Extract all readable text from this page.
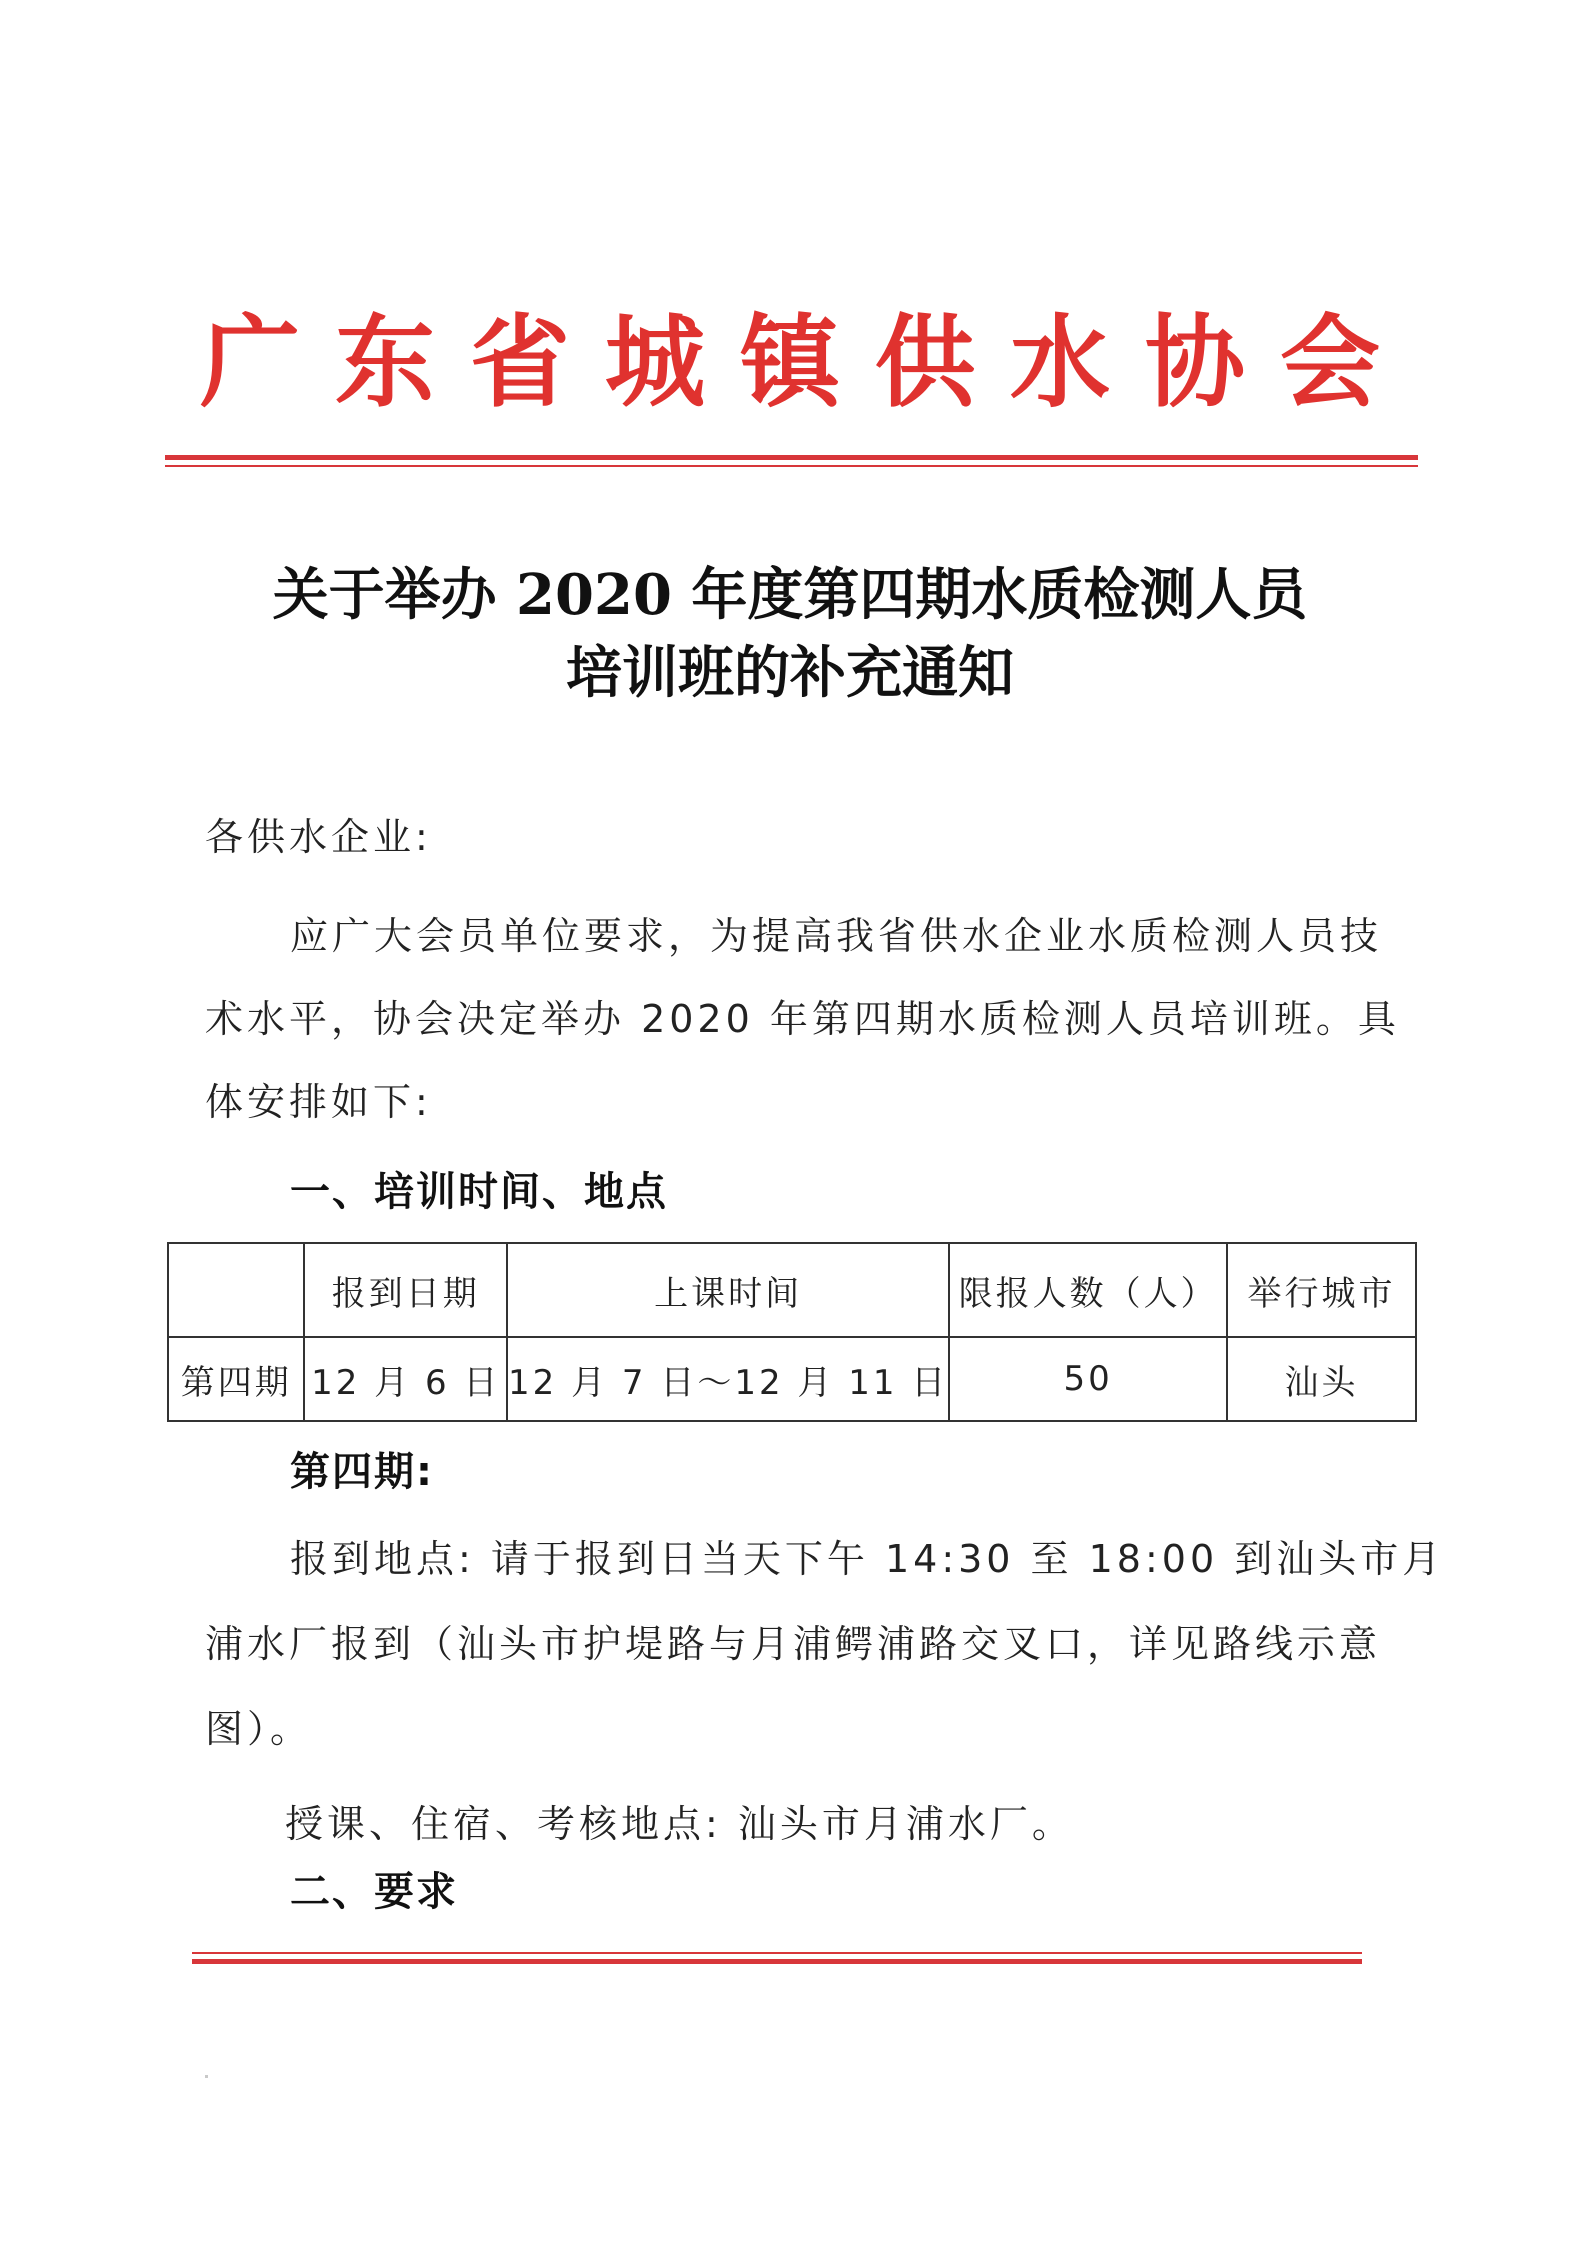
广 东 省 城 镇 供 水 协 会
关于举办 2020 年度第四期水质检测人员
培训班的补充通知
各供水企业:
应广大会员单位要求，为提高我省供水企业水质检测人员技
术水平，协会决定举办 2020 年第四期水质检测人员培训班。具
体安排如下:
一、培训时间、地点
	报到日期	上课时间	限报人数（人）	举行城市
第四期	12 月 6 日	12 月 7 日～12 月 11 日	50	汕头
第四期:
报到地点: 请于报到日当天下午 14:30 至 18:00 到汕头市月
浦水厂报到（汕头市护堤路与月浦鳄浦路交叉口，详见路线示意
图）。
授课、住宿、考核地点: 汕头市月浦水厂。
二、要求
